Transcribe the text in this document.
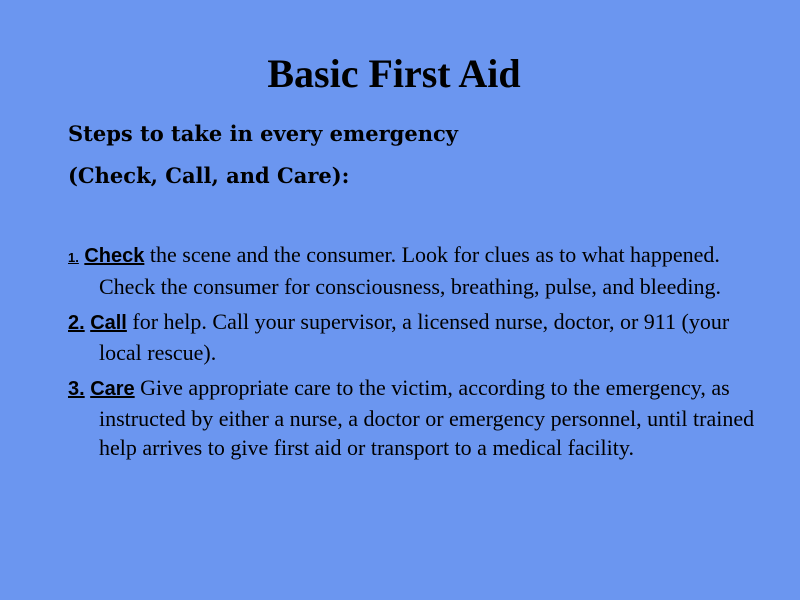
Basic First Aid

Steps to take in every emergency

(Check, Call, and Care):

1. Check the scene and the consumer. Look for clues as to what happened. Check the consumer for consciousness, breathing, pulse, and bleeding.
2. Call for help. Call your supervisor, a licensed nurse, doctor, or 911 (your local rescue).
3. Care Give appropriate care to the victim, according to the emergency, as instructed by either a nurse, a doctor or emergency personnel, until trained help arrives to give first aid or transport to a medical facility.
